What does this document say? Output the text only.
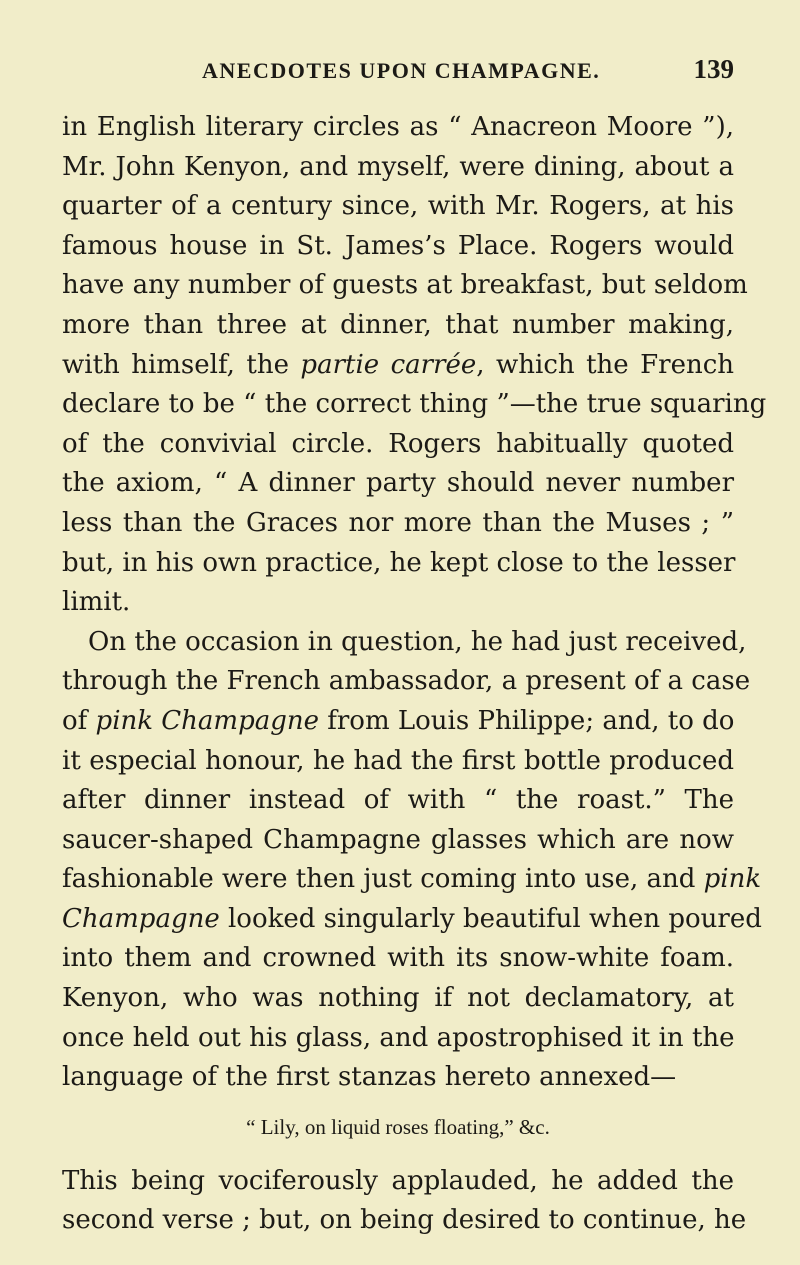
ANECDOTES UPON CHAMPAGNE.	139
in English literary circles as “ Anacreon Moore ”),
Mr. John Kenyon, and myself, were dining, about a
quarter of a century since, with Mr. Rogers, at his
famous house in St. James’s Place. Rogers would
have any number of guests at breakfast, but seldom
more than three at dinner, that number making,
with himself, the partie carrée, which the French
declare to be “ the correct thing ”—the true squaring
of the convivial circle. Rogers habitually quoted
the axiom, “ A dinner party should never number
less than the Graces nor more than the Muses ; ”
but, in his own practice, he kept close to the lesser
limit.
On the occasion in question, he had just received,
through the French ambassador, a present of a case
of pink Champagne from Louis Philippe; and, to do
it especial honour, he had the first bottle produced
after dinner instead of with “ the roast.” The
saucer-shaped Champagne glasses which are now
fashionable were then just coming into use, and pink
Champagne looked singularly beautiful when poured
into them and crowned with its snow-white foam.
Kenyon, who was nothing if not declamatory, at
once held out his glass, and apostrophised it in the
language of the first stanzas hereto annexed—
“ Lily, on liquid roses floating,” &c.
This being vociferously applauded, he added the
second verse ; but, on being desired to continue, he
